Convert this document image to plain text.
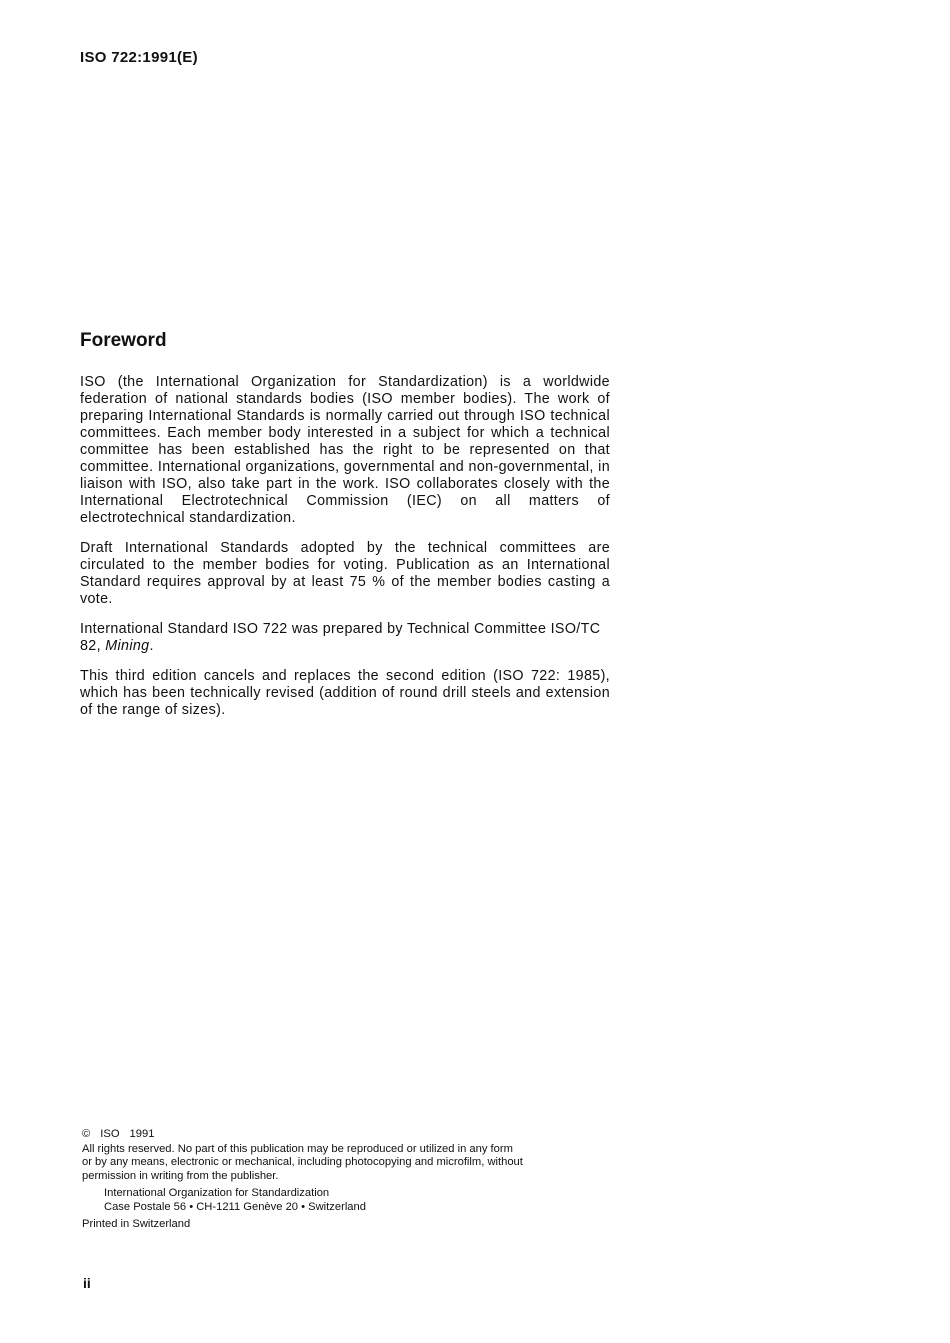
ISO 722:1991(E)
Foreword

ISO (the International Organization for Standardization) is a worldwide federation of national standards bodies (ISO member bodies). The work of preparing International Standards is normally carried out through ISO technical committees. Each member body interested in a subject for which a technical committee has been established has the right to be represented on that committee. International organizations, governmental and non-governmental, in liaison with ISO, also take part in the work. ISO collaborates closely with the International Electrotechnical Commission (IEC) on all matters of electrotechnical standardization.

Draft International Standards adopted by the technical committees are circulated to the member bodies for voting. Publication as an International Standard requires approval by at least 75 % of the member bodies casting a vote.

International Standard ISO 722 was prepared by Technical Committee ISO/TC 82, Mining.

This third edition cancels and replaces the second edition (ISO 722: 1985), which has been technically revised (addition of round drill steels and extension of the range of sizes).

© ISO 1991
All rights reserved. No part of this publication may be reproduced or utilized in any form
or by any means, electronic or mechanical, including photocopying and microfilm, without
permission in writing from the publisher.
International Organization for Standardization
Case Postale 56 • CH-1211 Genève 20 • Switzerland
Printed in Switzerland
ii
